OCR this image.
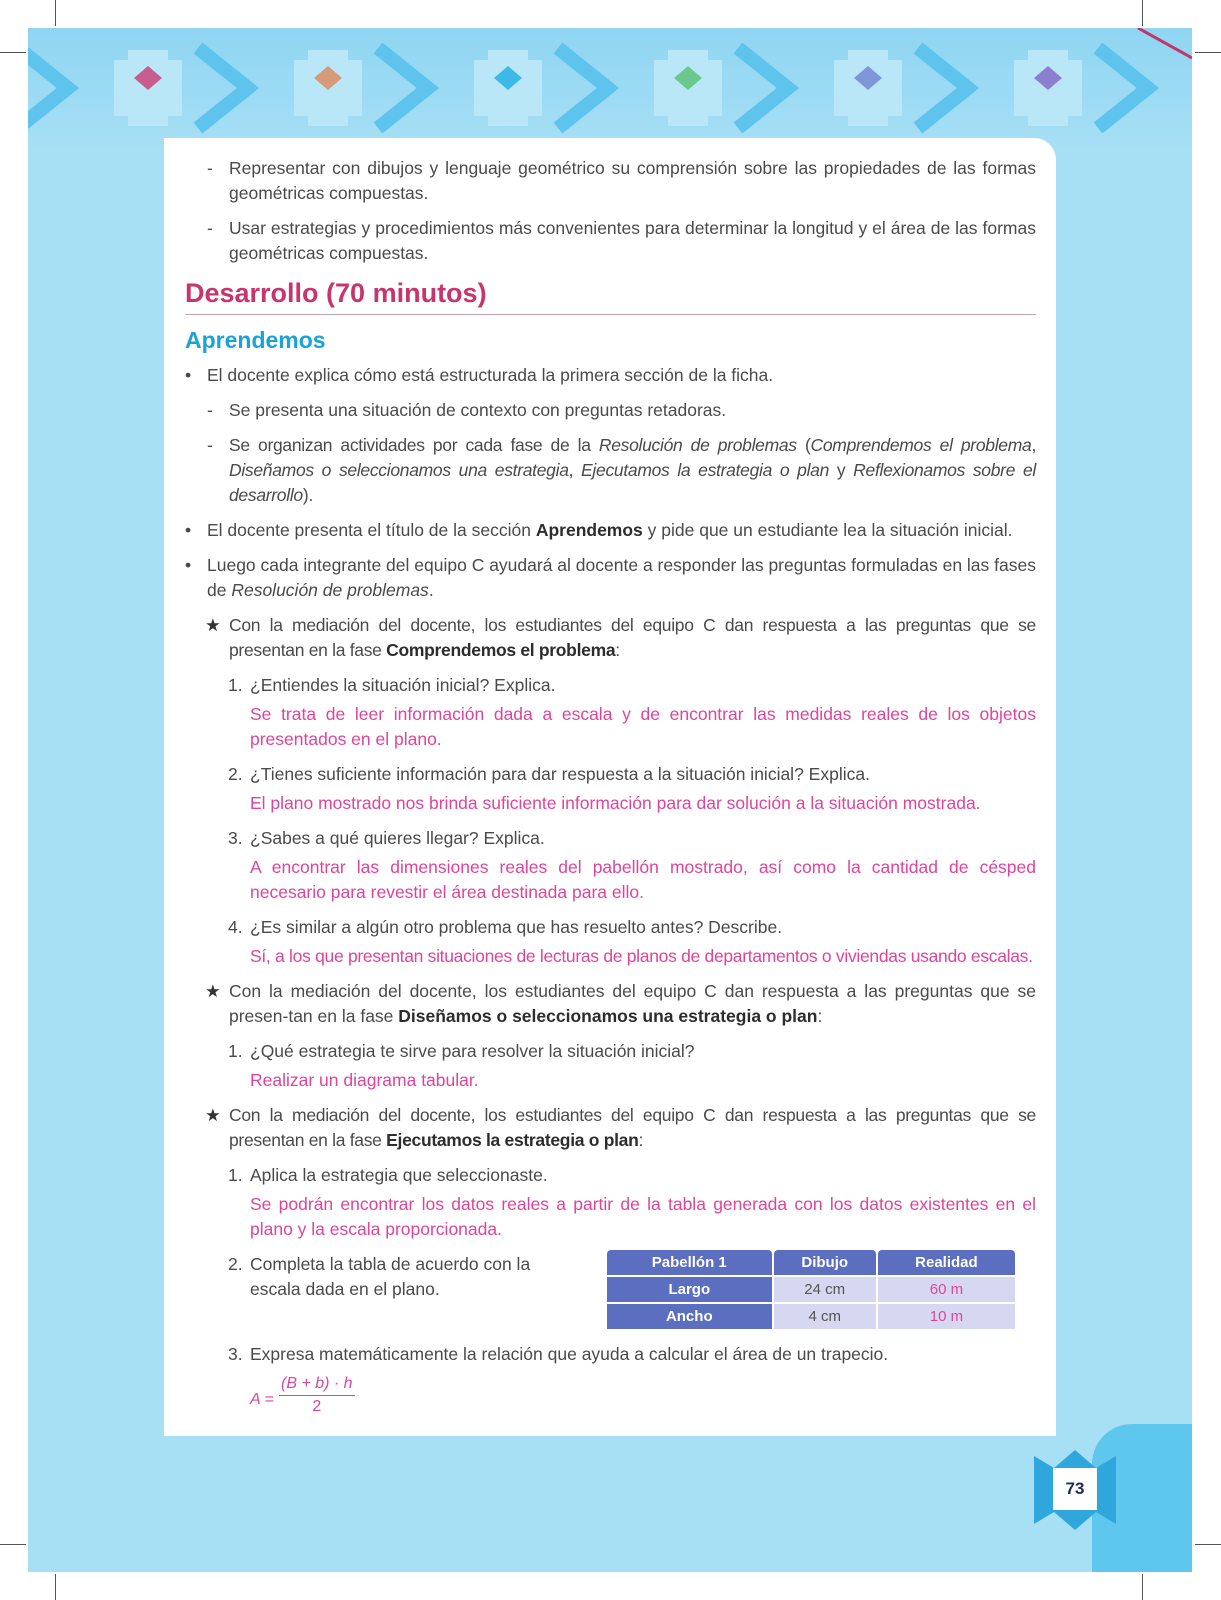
- Representar con dibujos y lenguaje geométrico su comprensión sobre las propiedades de las formas geométricas compuestas.
- Usar estrategias y procedimientos más convenientes para determinar la longitud y el área de las formas geométricas compuestas.
Desarrollo (70 minutos)
Aprendemos
• El docente explica cómo está estructurada la primera sección de la ficha.
- Se presenta una situación de contexto con preguntas retadoras.
- Se organizan actividades por cada fase de la Resolución de problemas (Comprendemos el problema, Diseñamos o seleccionamos una estrategia, Ejecutamos la estrategia o plan y Reflexionamos sobre el desarrollo).
• El docente presenta el título de la sección Aprendemos y pide que un estudiante lea la situación inicial.
• Luego cada integrante del equipo C ayudará al docente a responder las preguntas formuladas en las fases de Resolución de problemas.
★ Con la mediación del docente, los estudiantes del equipo C dan respuesta a las preguntas que se presentan en la fase Comprendemos el problema:
1. ¿Entiendes la situación inicial? Explica.
Se trata de leer información dada a escala y de encontrar las medidas reales de los objetos presentados en el plano.
2. ¿Tienes suficiente información para dar respuesta a la situación inicial? Explica.
El plano mostrado nos brinda suficiente información para dar solución a la situación mostrada.
3. ¿Sabes a qué quieres llegar? Explica.
A encontrar las dimensiones reales del pabellón mostrado, así como la cantidad de césped necesario para revestir el área destinada para ello.
4. ¿Es similar a algún otro problema que has resuelto antes? Describe.
Sí, a los que presentan situaciones de lecturas de planos de departamentos o viviendas usando escalas.
★ Con la mediación del docente, los estudiantes del equipo C dan respuesta a las preguntas que se presen-tan en la fase Diseñamos o seleccionamos una estrategia o plan:
1. ¿Qué estrategia te sirve para resolver la situación inicial?
Realizar un diagrama tabular.
★ Con la mediación del docente, los estudiantes del equipo C dan respuesta a las preguntas que se presentan en la fase Ejecutamos la estrategia o plan:
1. Aplica la estrategia que seleccionaste.
Se podrán encontrar los datos reales a partir de la tabla generada con los datos existentes en el plano y la escala proporcionada.
2. Completa la tabla de acuerdo con la escala dada en el plano.
Pabellón 1	Dibujo	Realidad
Largo	24 cm	60 m
Ancho	4 cm	10 m
3. Expresa matemáticamente la relación que ayuda a calcular el área de un trapecio.
$A = \frac{(B + b) \cdot h}{2}$
73
